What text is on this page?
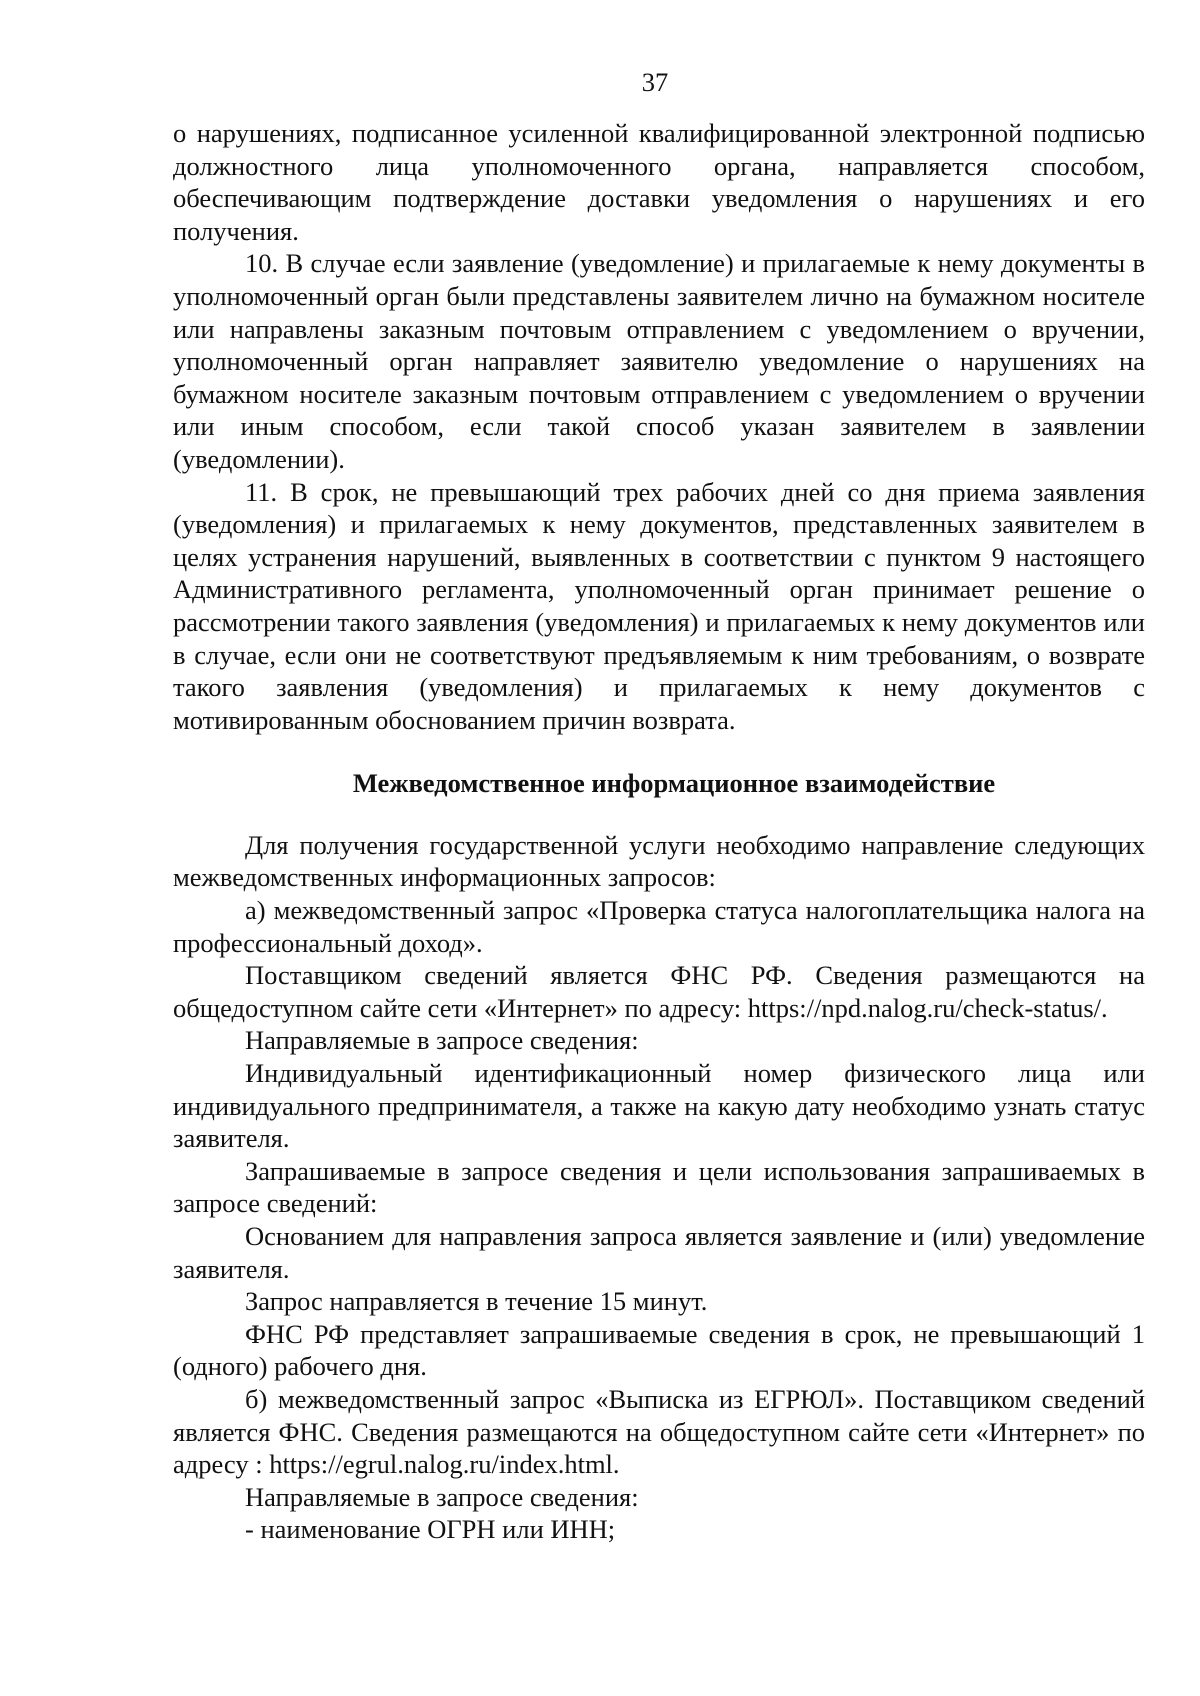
37

о нарушениях, подписанное усиленной квалифицированной электронной подписью должностного лица уполномоченного органа, направляется способом, обеспечивающим подтверждение доставки уведомления о нарушениях и его получения.

10. В случае если заявление (уведомление) и прилагаемые к нему документы в уполномоченный орган были представлены заявителем лично на бумажном носителе или направлены заказным почтовым отправлением с уведомлением о вручении, уполномоченный орган направляет заявителю уведомление о нарушениях на бумажном носителе заказным почтовым отправлением с уведомлением о вручении или иным способом, если такой способ указан заявителем в заявлении (уведомлении).

11. В срок, не превышающий трех рабочих дней со дня приема заявления (уведомления) и прилагаемых к нему документов, представленных заявителем в целях устранения нарушений, выявленных в соответствии с пунктом 9 настоящего Административного регламента, уполномоченный орган принимает решение о рассмотрении такого заявления (уведомления) и прилагаемых к нему документов или в случае, если они не соответствуют предъявляемым к ним требованиям, о возврате такого заявления (уведомления) и прилагаемых к нему документов с мотивированным обоснованием причин возврата.

Межведомственное информационное взаимодействие

Для получения государственной услуги необходимо направление следующих межведомственных информационных запросов:

а) межведомственный запрос «Проверка статуса налогоплательщика налога на профессиональный доход».

Поставщиком сведений является ФНС РФ. Сведения размещаются на общедоступном сайте сети «Интернет» по адресу: https://npd.nalog.ru/check-status/.

Направляемые в запросе сведения:

Индивидуальный идентификационный номер физического лица или индивидуального предпринимателя, а также на какую дату необходимо узнать статус заявителя.

Запрашиваемые в запросе сведения и цели использования запрашиваемых в запросе сведений:

Основанием для направления запроса является заявление и (или) уведомление заявителя.

Запрос направляется в течение 15 минут.

ФНС РФ представляет запрашиваемые сведения в срок, не превышающий 1 (одного) рабочего дня.

б) межведомственный запрос «Выписка из ЕГРЮЛ». Поставщиком сведений является ФНС. Сведения размещаются на общедоступном сайте сети «Интернет» по адресу : https://egrul.nalog.ru/index.html.

Направляемые в запросе сведения:

- наименование ОГРН или ИНН;
